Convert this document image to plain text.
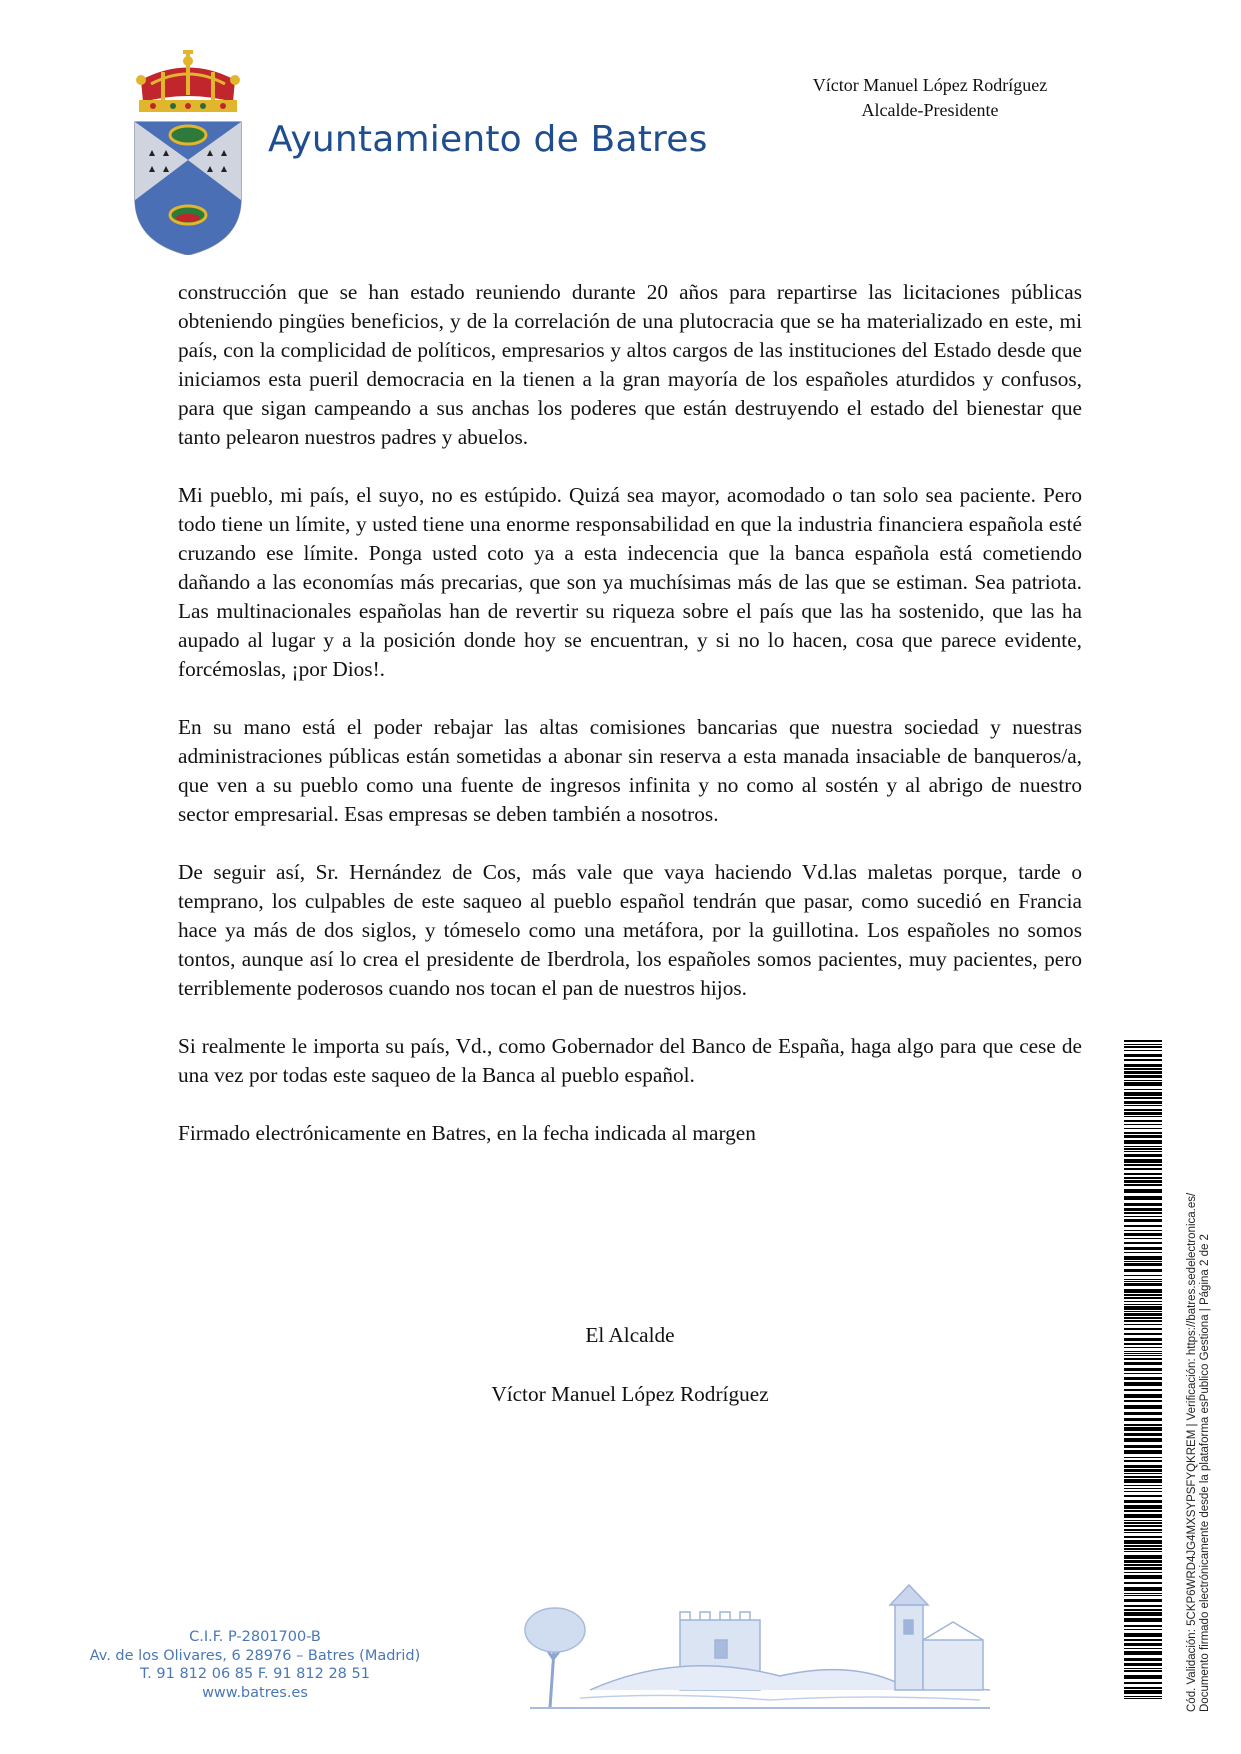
Ayuntamiento de Batres
Víctor Manuel López Rodríguez
Alcalde-Presidente

construcción que se han estado reuniendo durante 20 años para repartirse las licitaciones públicas obteniendo pingües beneficios, y de la correlación de una plutocracia que se ha materializado en este, mi país, con la complicidad de políticos, empresarios y altos cargos de las instituciones del Estado desde que iniciamos esta pueril democracia en la tienen a la gran mayoría de los españoles aturdidos y confusos, para que sigan campeando a sus anchas los poderes que están destruyendo el estado del bienestar que tanto pelearon nuestros padres y abuelos.

Mi pueblo, mi país, el suyo, no es estúpido. Quizá sea mayor, acomodado o tan solo sea paciente. Pero todo tiene un límite, y usted tiene una enorme responsabilidad en que la industria financiera española esté cruzando ese límite. Ponga usted coto ya a esta indecencia que la banca española está cometiendo dañando a las economías más precarias, que son ya muchísimas más de las que se estiman. Sea patriota. Las multinacionales españolas han de revertir su riqueza sobre el país que las ha sostenido, que las ha aupado al lugar y a la posición donde hoy se encuentran, y si no lo hacen, cosa que parece evidente, forcémoslas, ¡por Dios!.

En su mano está el poder rebajar las altas comisiones bancarias que nuestra sociedad y nuestras administraciones públicas están sometidas a abonar sin reserva a esta manada insaciable de banqueros/a, que ven a su pueblo como una fuente de ingresos infinita y no como al sostén y al abrigo de nuestro sector empresarial. Esas empresas se deben también a nosotros.

De seguir así, Sr. Hernández de Cos, más vale que vaya haciendo Vd.las maletas porque, tarde o temprano, los culpables de este saqueo al pueblo español tendrán que pasar, como sucedió en Francia hace ya más de dos siglos, y tómeselo como una metáfora, por la guillotina. Los españoles no somos tontos, aunque así lo crea el presidente de Iberdrola, los españoles somos pacientes, muy pacientes, pero terriblemente poderosos cuando nos tocan el pan de nuestros hijos.

Si realmente le importa su país, Vd., como Gobernador del Banco de España, haga algo para que cese de una vez por todas este saqueo de la Banca al pueblo español.

Firmado electrónicamente en Batres, en la fecha indicada al margen

El Alcalde
Víctor Manuel López Rodríguez
C.I.F. P-2801700-B
Av. de los Olivares, 6 28976 – Batres (Madrid)
T. 91 812 06 85 F. 91 812 28 51
www.batres.es	Cód. Validación: 5CKP6WRD4JG4MXSYPSFYQKREM | Verificación: https://batres.sedelectronica.es/ Documento firmado electrónicamente desde la plataforma esPublico Gestiona | Página 2 de 2
